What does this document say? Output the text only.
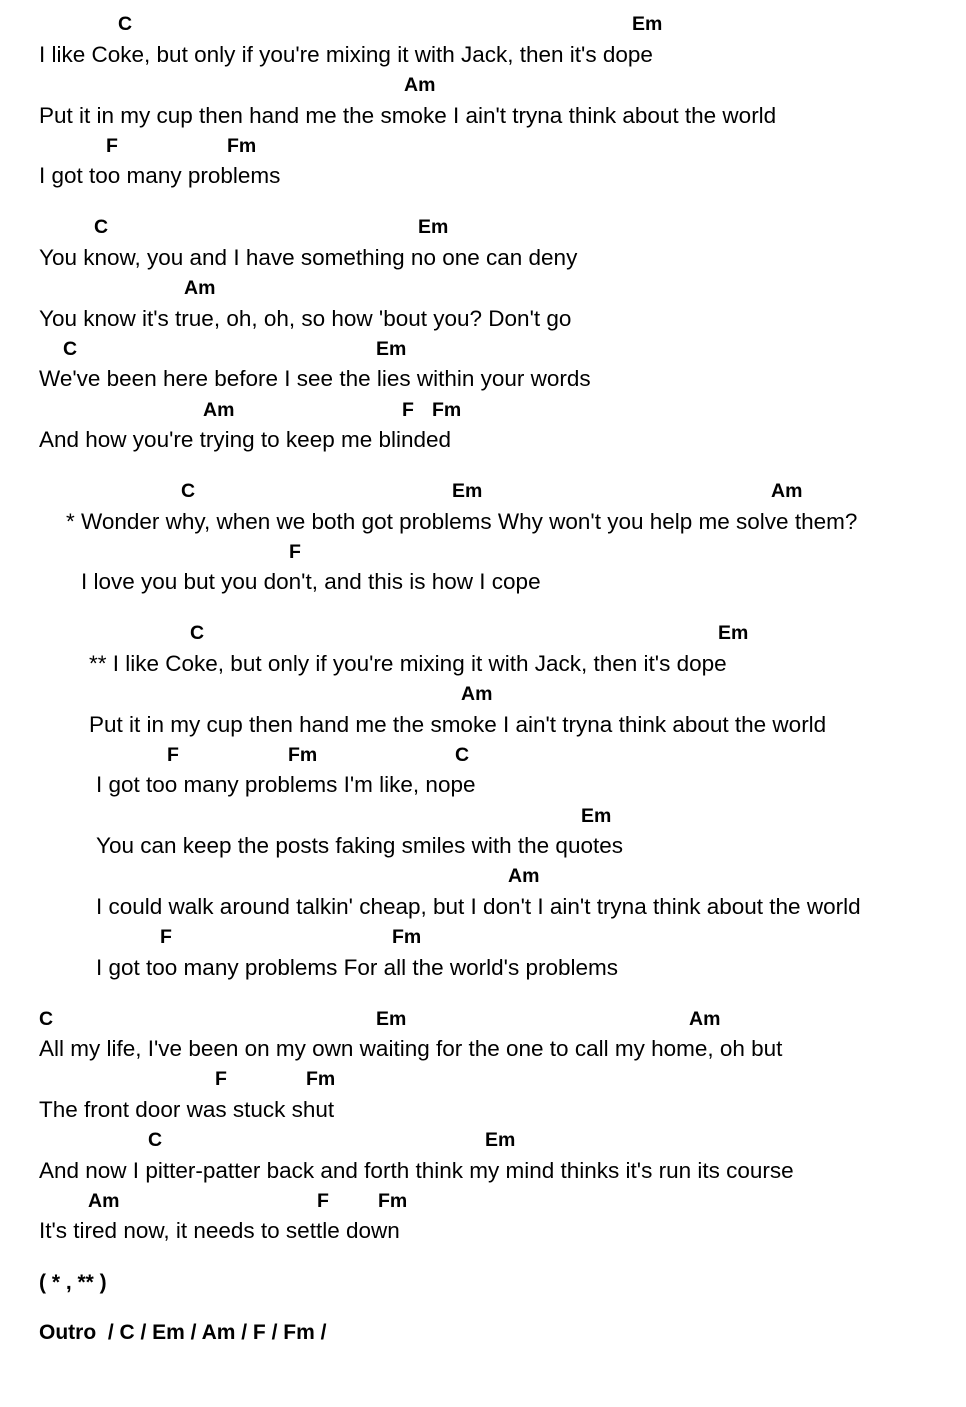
C	Em
I like Coke, but only if you're mixing it with Jack, then it's dope
Am
Put it in my cup then hand me the smoke I ain't tryna think about the world
F	Fm
I got too many problems
C	Em
You know, you and I have something no one can deny
Am
You know it's true, oh, oh, so how 'bout you? Don't go
C	Em
We've been here before I see the lies within your words
Am	F Fm
And how you're trying to keep me blinded
C	Em	Am
* Wonder why, when we both got problems Why won't you help me solve them?
F
I love you but you don't, and this is how I cope
C	Em
** I like Coke, but only if you're mixing it with Jack, then it's dope
Am
Put it in my cup then hand me the smoke I ain't tryna think about the world
F	Fm	C
I got too many problems I'm like, nope
Em
You can keep the posts faking smiles with the quotes
Am
I could walk around talkin' cheap, but I don't I ain't tryna think about the world
F	Fm
I got too many problems For all the world's problems
C	Em	Am
All my life, I've been on my own waiting for the one to call my home, oh but
F	Fm
The front door was stuck shut
C	Em
And now I pitter-patter back and forth think my mind thinks it's run its course
Am	F	Fm
It's tired now, it needs to settle down
( * , ** )
Outro  / C / Em / Am / F / Fm /
